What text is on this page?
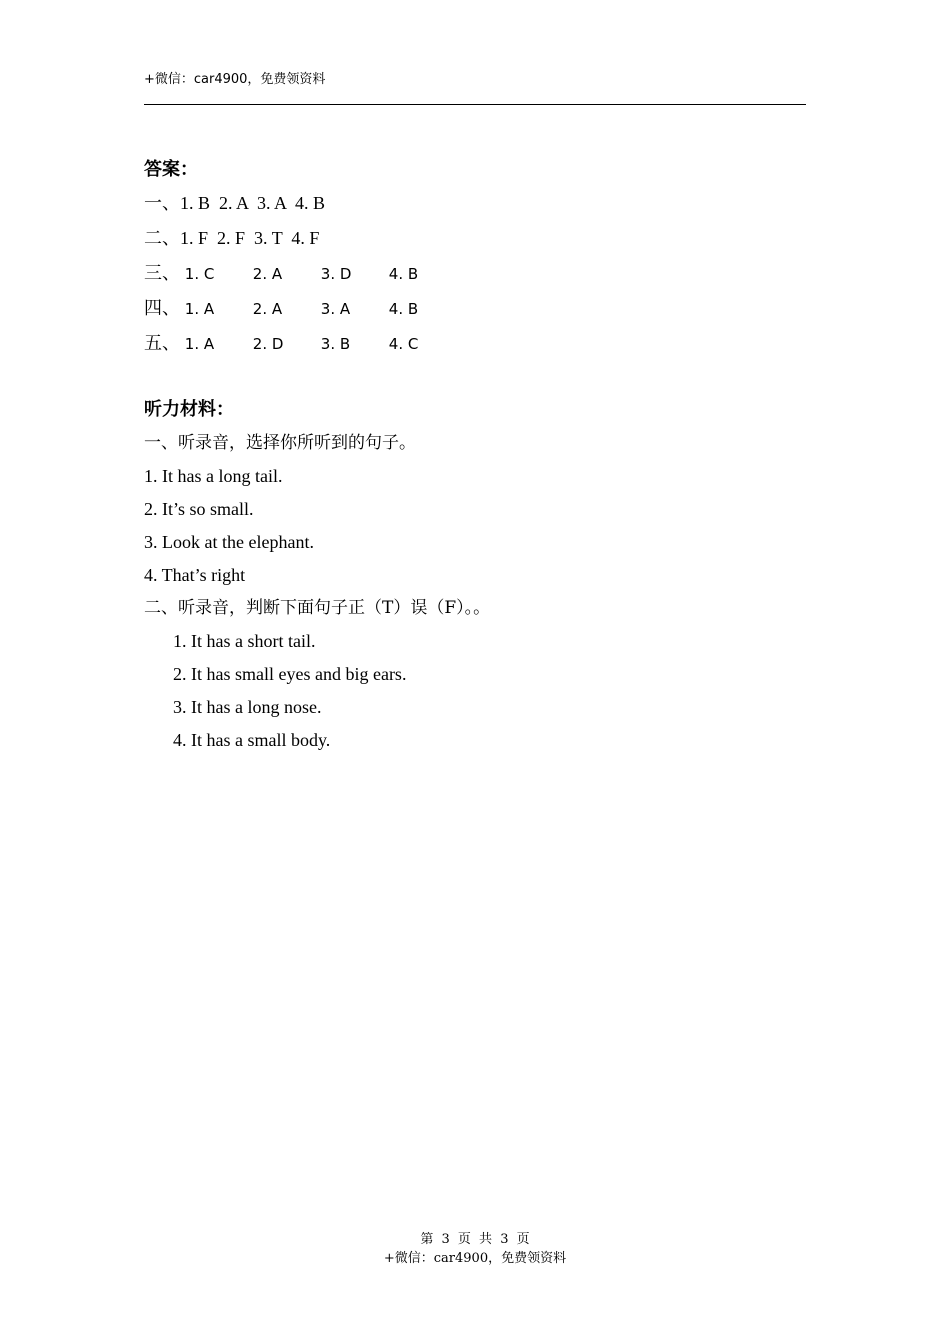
+微信：car4900，免费领资料
答案：
一、1. B  2. A  3. A  4. B
二、1. F  2. F  3. T  4. F
三、 1. C	2. A	3. D 4. B
四、 1. A	2. A	3. A	4. B
五、 1. A	2. D 3. B	4. C
听力材料：
一、听录音，选择你所听到的句子。
1. It has a long tail.
2. It’s so small.
3. Look at the elephant.
4. That’s right
二、听录音，判断下面句子正（T）误（F）。。
1. It has a short tail.
2. It has small eyes and big ears.
3. It has a long nose.
4. It has a small body.
第 3 页 共 3 页
+微信：car4900，免费领资料
